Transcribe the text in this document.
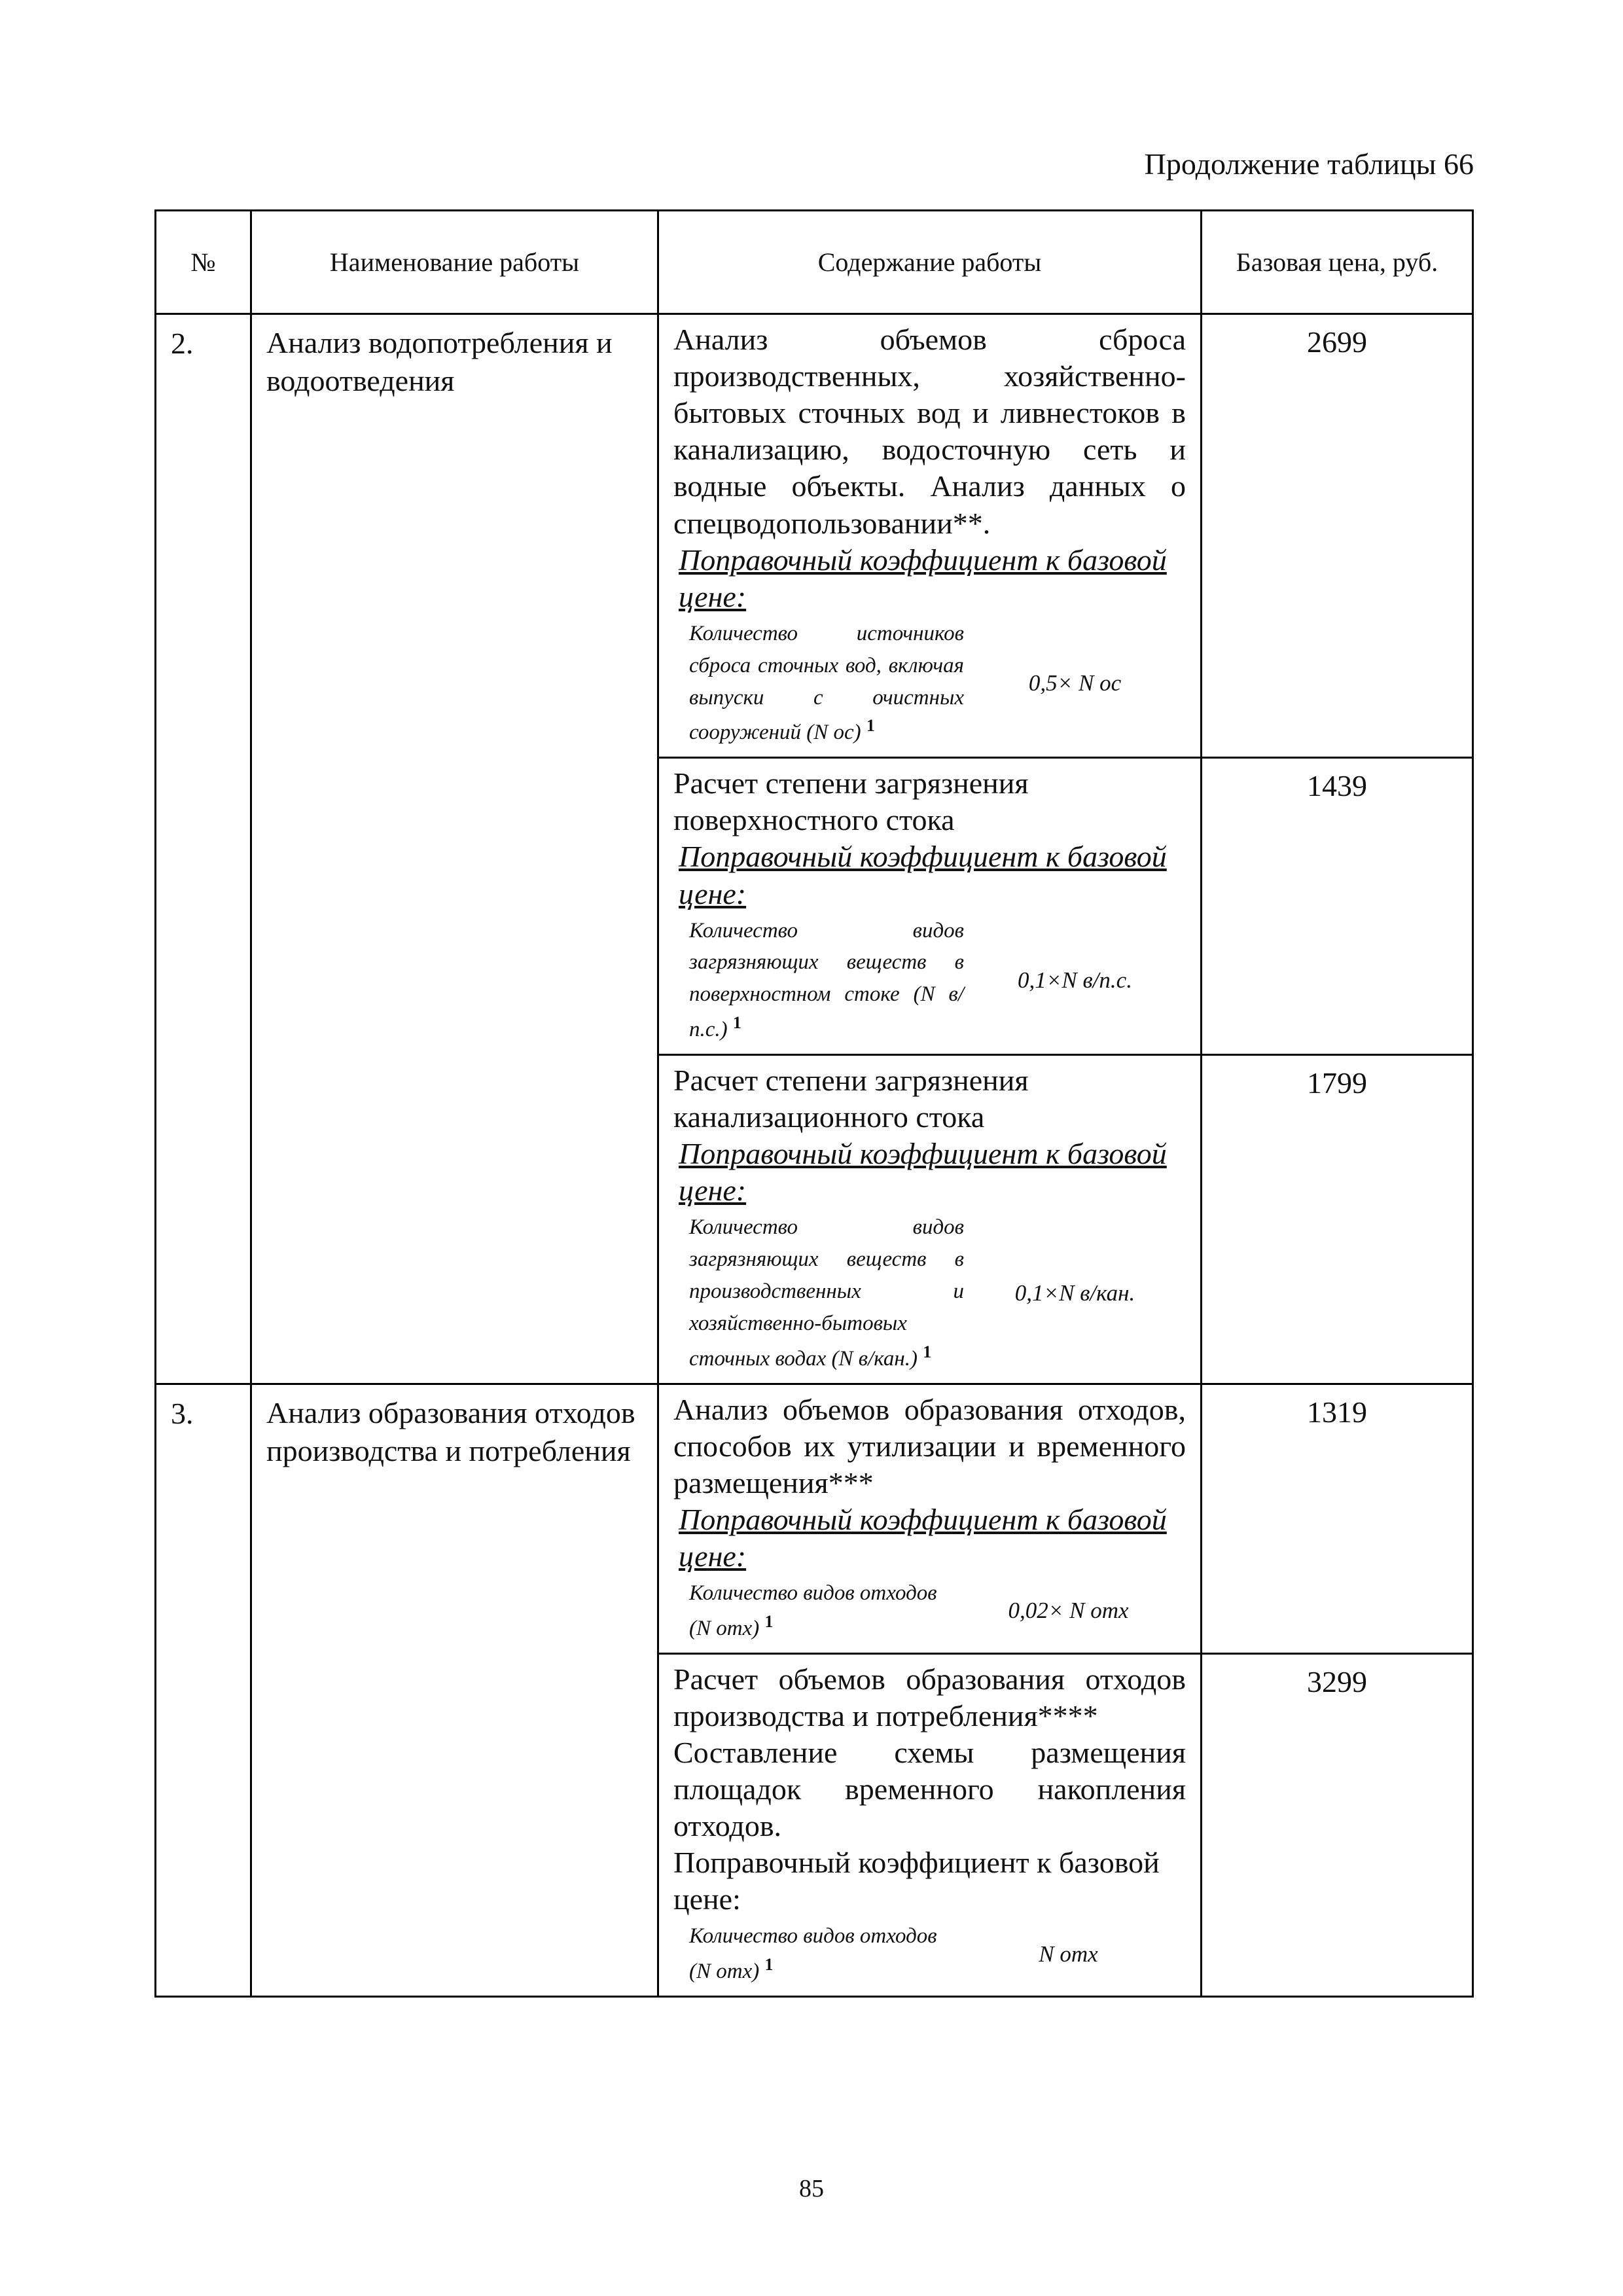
Продолжение таблицы 66
№	Наименование работы	Содержание работы	Базовая цена, руб.

2.	Анализ водопотребления и водоотведения	Анализ объемов сброса производственных, хозяйственно-бытовых сточных вод и ливнестоков в канализацию, водосточную сеть и водные объекты. Анализ данных о спецводопользовании**.
Поправочный коэффициент к базовой цене:
Количество источников сброса сточных вод, включая выпуски с очистных сооружений (N ос) $^1$
0,5× N ос	2699

		Расчет степени загрязнения поверхностного стока
Поправочный коэффициент к базовой цене:
Количество видов загрязняющих веществ в поверхностном стоке (N в/п.с.) $^1$
0,1×N в/п.с.	1439

		Расчет степени загрязнения канализационного стока
Поправочный коэффициент к базовой цене:
Количество видов загрязняющих веществ в производственных и хозяйственно-бытовых сточных водах (N в/кан.) $^1$
0,1×N в/кан.	1799

3.	Анализ образования отходов производства и потребления	Анализ объемов образования отходов, способов их утилизации и временного размещения***
Поправочный коэффициент к базовой цене:
Количество видов отходов (N отх) $^1$ 0,02× N отх	1319

		Расчет объемов образования отходов производства и потребления****
Составление схемы размещения площадок временного накопления отходов.
Поправочный коэффициент к базовой цене:
Количество видов отходов (N отх) $^1$ N отх	3299
85
